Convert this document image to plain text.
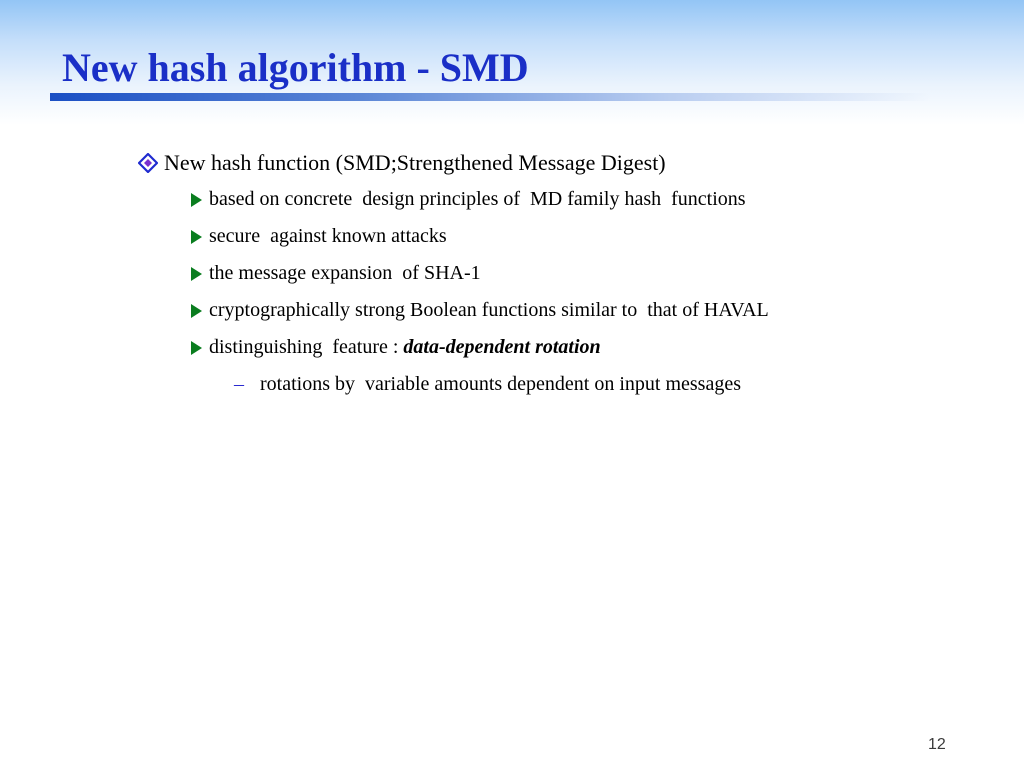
New hash algorithm - SMD

New hash function (SMD;Strengthened Message Digest)

based on concrete  design principles of  MD family hash  functions

secure  against known attacks

the message expansion  of SHA-1

cryptographically strong Boolean functions similar to  that of HAVAL

distinguishing  feature : data-dependent rotation

– rotations by  variable amounts dependent on input messages

12
